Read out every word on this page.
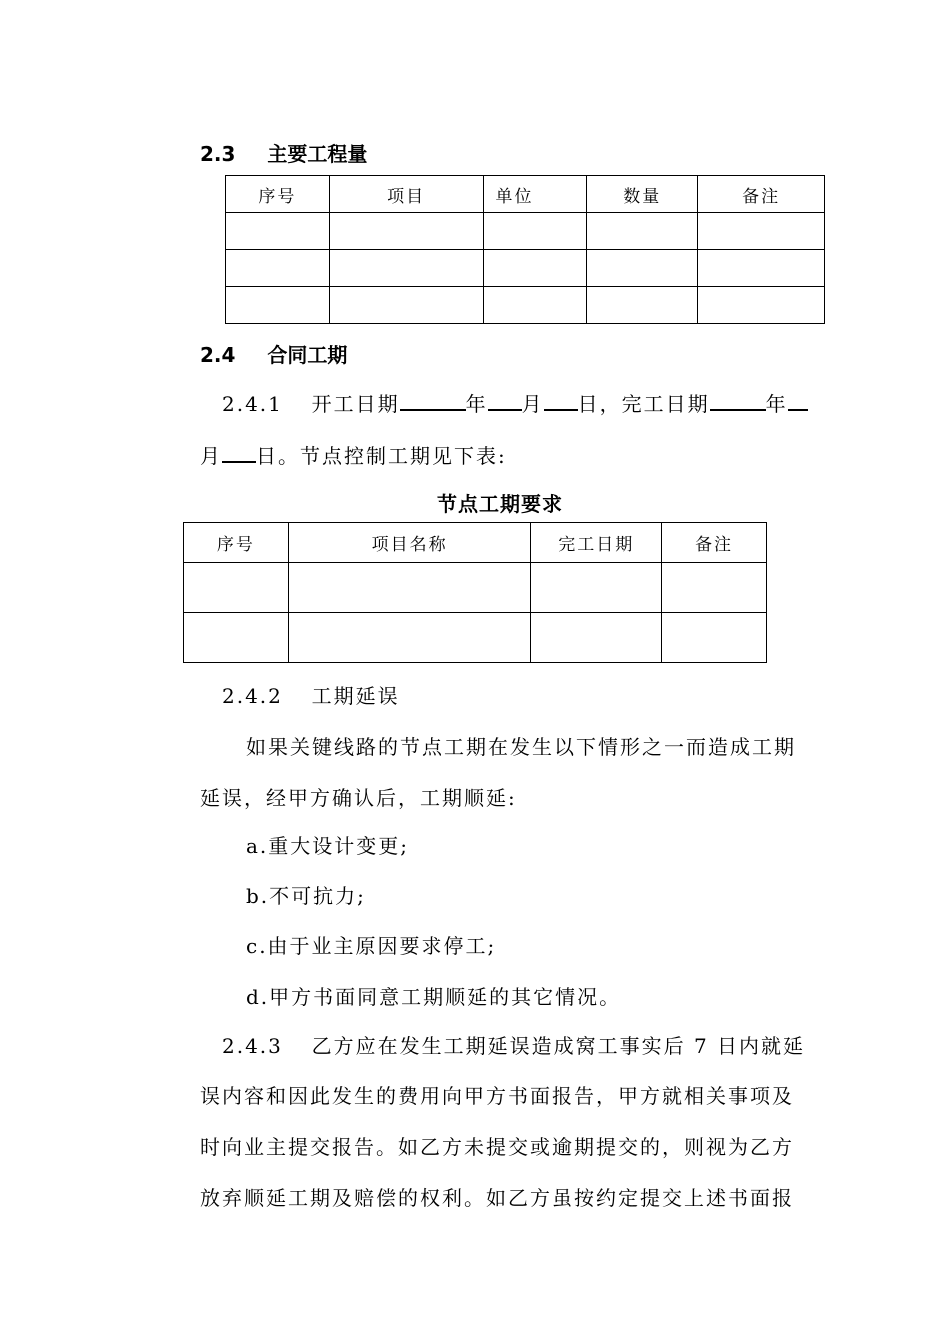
2.3 主要工程量
序号	项目	单位	数量	备注

2.4 合同工期
2.4.1 开工日期	年 月 日，完工日期	年
月 日。节点控制工期见下表:
节点工期要求
序号	项目名称	完工日期	备注

2.4.2 工期延误
如果关键线路的节点工期在发生以下情形之一而造成工期
延误，经甲方确认后，工期顺延:
a.重大设计变更;
b.不可抗力;
c.由于业主原因要求停工;
d.甲方书面同意工期顺延的其它情况。
2.4.3 乙方应在发生工期延误造成窝工事实后 7 日内就延
误内容和因此发生的费用向甲方书面报告，甲方就相关事项及
时向业主提交报告。如乙方未提交或逾期提交的，则视为乙方
放弃顺延工期及赔偿的权利。如乙方虽按约定提交上述书面报
